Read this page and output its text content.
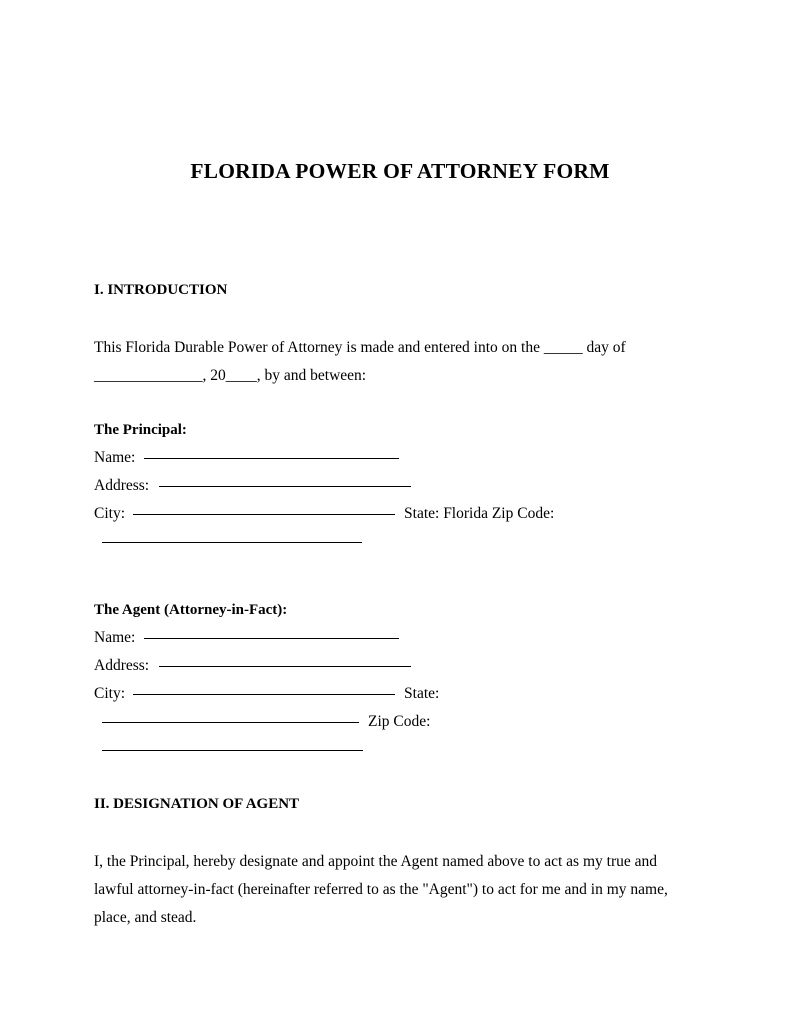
FLORIDA POWER OF ATTORNEY FORM
I. INTRODUCTION

This Florida Durable Power of Attorney is made and entered into on the _____ day of ______________, 20____, by and between:

The Principal:

Name:

Address:

City:	State: Florida Zip Code:

The Agent (Attorney-in-Fact):

Name:

Address:

City:	State:

Zip Code:

II. DESIGNATION OF AGENT

I, the Principal, hereby designate and appoint the Agent named above to act as my true and lawful attorney-in-fact (hereinafter referred to as the "Agent") to act for me and in my name, place, and stead.
